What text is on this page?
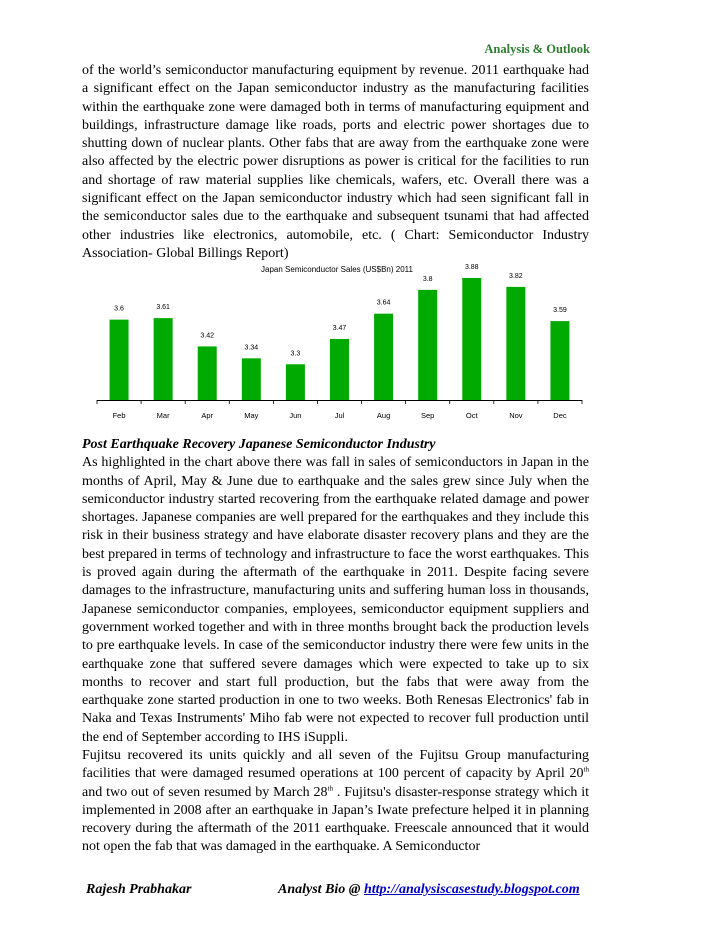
Analysis & Outlook

of the world’s semiconductor manufacturing equipment by revenue. 2011 earthquake had a significant effect on the Japan semiconductor industry as the manufacturing facilities within the earthquake zone were damaged both in terms of manufacturing equipment and buildings, infrastructure damage like roads, ports and electric power shortages due to shutting down of nuclear plants. Other fabs that are away from the earthquake zone were also affected by the electric power disruptions as power is critical for the facilities to run and shortage of raw material supplies like chemicals, wafers, etc. Overall there was a significant effect on the Japan semiconductor industry which had seen significant fall in the semiconductor sales due to the earthquake and subsequent tsunami that had affected other industries like electronics, automobile, etc. ( Chart: Semiconductor Industry Association- Global Billings Report)

Japan Semiconductor Sales (US$Bn) 2011
3.6
Feb
3.61
Mar
3.42
Apr
3.34
May
3.3
Jun
3.47
Jul
3.64
Aug
3.8
Sep
3.88
Oct
3.82
Nov
3.59
Dec
Post Earthquake Recovery Japanese Semiconductor Industry
As highlighted in the chart above there was fall in sales of semiconductors in Japan in the months of April, May & June due to earthquake and the sales grew since July when the semiconductor industry started recovering from the earthquake related damage and power shortages. Japanese companies are well prepared for the earthquakes and they include this risk in their business strategy and have elaborate disaster recovery plans and they are the best prepared in terms of technology and infrastructure to face the worst earthquakes. This is proved again during the aftermath of the earthquake in 2011. Despite facing severe damages to the infrastructure, manufacturing units and suffering human loss in thousands, Japanese semiconductor companies, employees, semiconductor equipment suppliers and government worked together and with in three months brought back the production levels to pre earthquake levels. In case of the semiconductor industry there were few units in the earthquake zone that suffered severe damages which were expected to take up to six months to recover and start full production, but the fabs that were away from the earthquake zone started production in one to two weeks. Both Renesas Electronics' fab in Naka and Texas Instruments' Miho fab were not expected to recover full production until the end of September according to IHS iSuppli.

Fujitsu recovered its units quickly and all seven of the Fujitsu Group manufacturing facilities that were damaged resumed operations at 100 percent of capacity by April 20th and two out of seven resumed by March 28th . Fujitsu's disaster-response strategy which it implemented in 2008 after an earthquake in Japan’s Iwate prefecture helped it in planning recovery during the aftermath of the 2011 earthquake. Freescale announced that it would not open the fab that was damaged in the earthquake. A Semiconductor

Rajesh Prabhakar	Analyst Bio @ http://analysiscasestudy.blogspot.com
